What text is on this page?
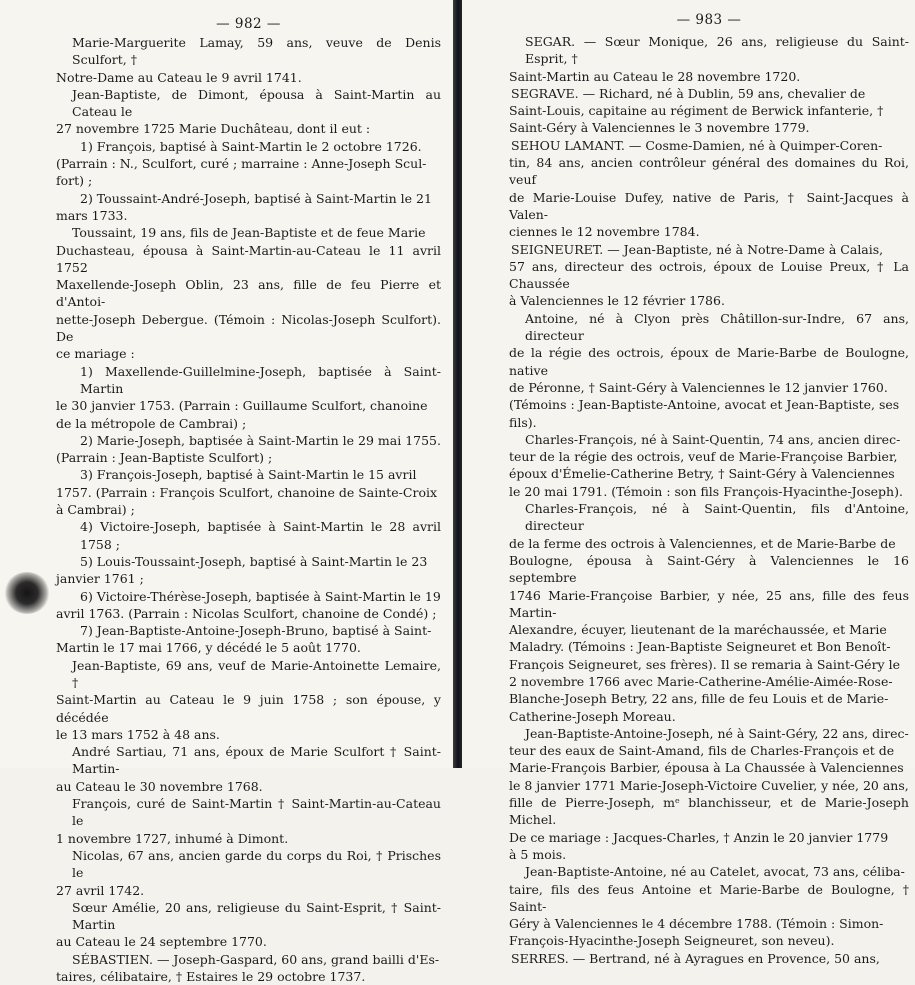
— 982 —

Marie-Marguerite Lamay, 59 ans, veuve de Denis Sculfort, †
Notre-Dame au Cateau le 9 avril 1741.

Jean-Baptiste, de Dimont, épousa à Saint-Martin au Cateau le
27 novembre 1725 Marie Duchâteau, dont il eut :

1) François, baptisé à Saint-Martin le 2 octobre 1726.
(Parrain : N., Sculfort, curé ; marraine : Anne-Joseph Scul-
fort) ;

2) Toussaint-André-Joseph, baptisé à Saint-Martin le 21
mars 1733.

Toussaint, 19 ans, fils de Jean-Baptiste et de feue Marie
Duchasteau, épousa à Saint-Martin-au-Cateau le 11 avril 1752
Maxellende-Joseph Oblin, 23 ans, fille de feu Pierre et d'Antoi-
nette-Joseph Debergue. (Témoin : Nicolas-Joseph Sculfort). De
ce mariage :

1) Maxellende-Guillelmine-Joseph, baptisée à Saint-Martin
le 30 janvier 1753. (Parrain : Guillaume Sculfort, chanoine
de la métropole de Cambrai) ;

2) Marie-Joseph, baptisée à Saint-Martin le 29 mai 1755.
(Parrain : Jean-Baptiste Sculfort) ;

3) François-Joseph, baptisé à Saint-Martin le 15 avril
1757. (Parrain : François Sculfort, chanoine de Sainte-Croix
à Cambrai) ;

4) Victoire-Joseph, baptisée à Saint-Martin le 28 avril 1758 ;

5) Louis-Toussaint-Joseph, baptisé à Saint-Martin le 23
janvier 1761 ;

6) Victoire-Thérèse-Joseph, baptisée à Saint-Martin le 19
avril 1763. (Parrain : Nicolas Sculfort, chanoine de Condé) ;

7) Jean-Baptiste-Antoine-Joseph-Bruno, baptisé à Saint-
Martin le 17 mai 1766, y décédé le 5 août 1770.

Jean-Baptiste, 69 ans, veuf de Marie-Antoinette Lemaire, †
Saint-Martin au Cateau le 9 juin 1758 ; son épouse, y décédée
le 13 mars 1752 à 48 ans.

André Sartiau, 71 ans, époux de Marie Sculfort † Saint-Martin-
au Cateau le 30 novembre 1768.

François, curé de Saint-Martin † Saint-Martin-au-Cateau le
1 novembre 1727, inhumé à Dimont.

Nicolas, 67 ans, ancien garde du corps du Roi, † Prisches le
27 avril 1742.

Sœur Amélie, 20 ans, religieuse du Saint-Esprit, † Saint-Martin
au Cateau le 24 septembre 1770.

SÉBASTIEN. — Joseph-Gaspard, 60 ans, grand bailli d'Es-
taires, célibataire, † Estaires le 29 octobre 1737.

— 983 —

SEGAR. — Sœur Monique, 26 ans, religieuse du Saint-Esprit, †
Saint-Martin au Cateau le 28 novembre 1720.

SEGRAVE. — Richard, né à Dublin, 59 ans, chevalier de
Saint-Louis, capitaine au régiment de Berwick infanterie, †
Saint-Géry à Valenciennes le 3 novembre 1779.

SEHOU LAMANT. — Cosme-Damien, né à Quimper-Coren-
tin, 84 ans, ancien contrôleur général des domaines du Roi, veuf
de Marie-Louise Dufey, native de Paris, † Saint-Jacques à Valen-
ciennes le 12 novembre 1784.

SEIGNEURET. — Jean-Baptiste, né à Notre-Dame à Calais,
57 ans, directeur des octrois, époux de Louise Preux, † La Chaussée
à Valenciennes le 12 février 1786.

Antoine, né à Clyon près Châtillon-sur-Indre, 67 ans, directeur
de la régie des octrois, époux de Marie-Barbe de Boulogne, native
de Péronne, † Saint-Géry à Valenciennes le 12 janvier 1760.
(Témoins : Jean-Baptiste-Antoine, avocat et Jean-Baptiste, ses
fils).

Charles-François, né à Saint-Quentin, 74 ans, ancien direc-
teur de la régie des octrois, veuf de Marie-Françoise Barbier,
époux d'Émelie-Catherine Betry, † Saint-Géry à Valenciennes
le 20 mai 1791. (Témoin : son fils François-Hyacinthe-Joseph).

Charles-François, né à Saint-Quentin, fils d'Antoine, directeur
de la ferme des octrois à Valenciennes, et de Marie-Barbe de
Boulogne, épousa à Saint-Géry à Valenciennes le 16 septembre
1746 Marie-Françoise Barbier, y née, 25 ans, fille des feus Martin-
Alexandre, écuyer, lieutenant de la maréchaussée, et Marie
Maladry. (Témoins : Jean-Baptiste Seigneuret et Bon Benoît-
François Seigneuret, ses frères). Il se remaria à Saint-Géry le
2 novembre 1766 avec Marie-Catherine-Amélie-Aimée-Rose-
Blanche-Joseph Betry, 22 ans, fille de feu Louis et de Marie-
Catherine-Joseph Moreau.

Jean-Baptiste-Antoine-Joseph, né à Saint-Géry, 22 ans, direc-
teur des eaux de Saint-Amand, fils de Charles-François et de
Marie-François Barbier, épousa à La Chaussée à Valenciennes
le 8 janvier 1771 Marie-Joseph-Victoire Cuvelier, y née, 20 ans,
fille de Pierre-Joseph, mᵉ blanchisseur, et de Marie-Joseph Michel.
De ce mariage : Jacques-Charles, † Anzin le 20 janvier 1779
à 5 mois.

Jean-Baptiste-Antoine, né au Catelet, avocat, 73 ans, céliba-
taire, fils des feus Antoine et Marie-Barbe de Boulogne, † Saint-
Géry à Valenciennes le 4 décembre 1788. (Témoin : Simon-
François-Hyacinthe-Joseph Seigneuret, son neveu).

SERRES. — Bertrand, né à Ayragues en Provence, 50 ans,
